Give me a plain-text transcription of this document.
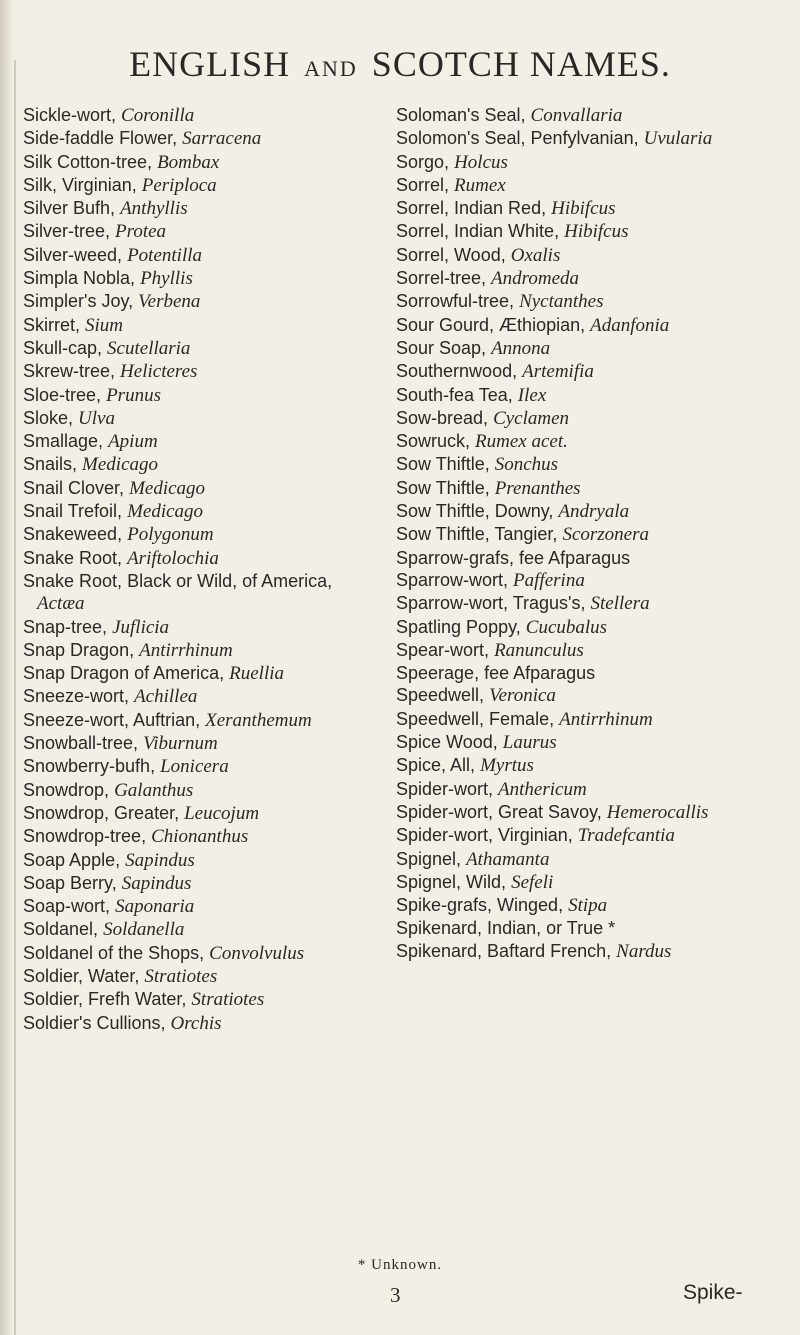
ENGLISH AND SCOTCH NAMES.
Sickle-wort, Coronilla
Side-faddle Flower, Sarracena
Silk Cotton-tree, Bombax
Silk, Virginian, Periploca
Silver Bufh, Anthyllis
Silver-tree, Protea
Silver-weed, Potentilla
Simpla Nobla, Phyllis
Simpler's Joy, Verbena
Skirret, Sium
Skull-cap, Scutellaria
Skrew-tree, Helicteres
Sloe-tree, Prunus
Sloke, Ulva
Smallage, Apium
Snails, Medicago
Snail Clover, Medicago
Snail Trefoil, Medicago
Snakeweed, Polygonum
Snake Root, Ariftolochia
Snake Root, Black or Wild, of America, Actæa
Snap-tree, Juflicia
Snap Dragon, Antirrhinum
Snap Dragon of America, Ruellia
Sneeze-wort, Achillea
Sneeze-wort, Auftrian, Xeranthemum
Snowball-tree, Viburnum
Snowberry-bufh, Lonicera
Snowdrop, Galanthus
Snowdrop, Greater, Leucojum
Snowdrop-tree, Chionanthus
Soap Apple, Sapindus
Soap Berry, Sapindus
Soap-wort, Saponaria
Soldanel, Soldanella
Soldanel of the Shops, Convolvulus
Soldier, Water, Stratiotes
Soldier, Frefh Water, Stratiotes
Soldier's Cullions, Orchis
Soloman's Seal, Convallaria
Solomon's Seal, Penfylvanian, Uvularia
Sorgo, Holcus
Sorrel, Rumex
Sorrel, Indian Red, Hibifcus
Sorrel, Indian White, Hibifcus
Sorrel, Wood, Oxalis
Sorrel-tree, Andromeda
Sorrowful-tree, Nyctanthes
Sour Gourd, Æthiopian, Adanfonia
Sour Soap, Annona
Southernwood, Artemifia
South-fea Tea, Ilex
Sow-bread, Cyclamen
Sowruck, Rumex acet.
Sow Thiftle, Sonchus
Sow Thiftle, Prenanthes
Sow Thiftle, Downy, Andryala
Sow Thiftle, Tangier, Scorzonera
Sparrow-grafs, fee Afparagus
Sparrow-wort, Pafferina
Sparrow-wort, Tragus's, Stellera
Spatling Poppy, Cucubalus
Spear-wort, Ranunculus
Speerage, fee Afparagus
Speedwell, Veronica
Speedwell, Female, Antirrhinum
Spice Wood, Laurus
Spice, All, Myrtus
Spider-wort, Anthericum
Spider-wort, Great Savoy, Hemerocallis
Spider-wort, Virginian, Tradefcantia
Spignel, Athamanta
Spignel, Wild, Sefeli
Spike-grafs, Winged, Stipa
Spikenard, Indian, or True *
Spikenard, Baftard French, Nardus
* Unknown.
3	Spike-
